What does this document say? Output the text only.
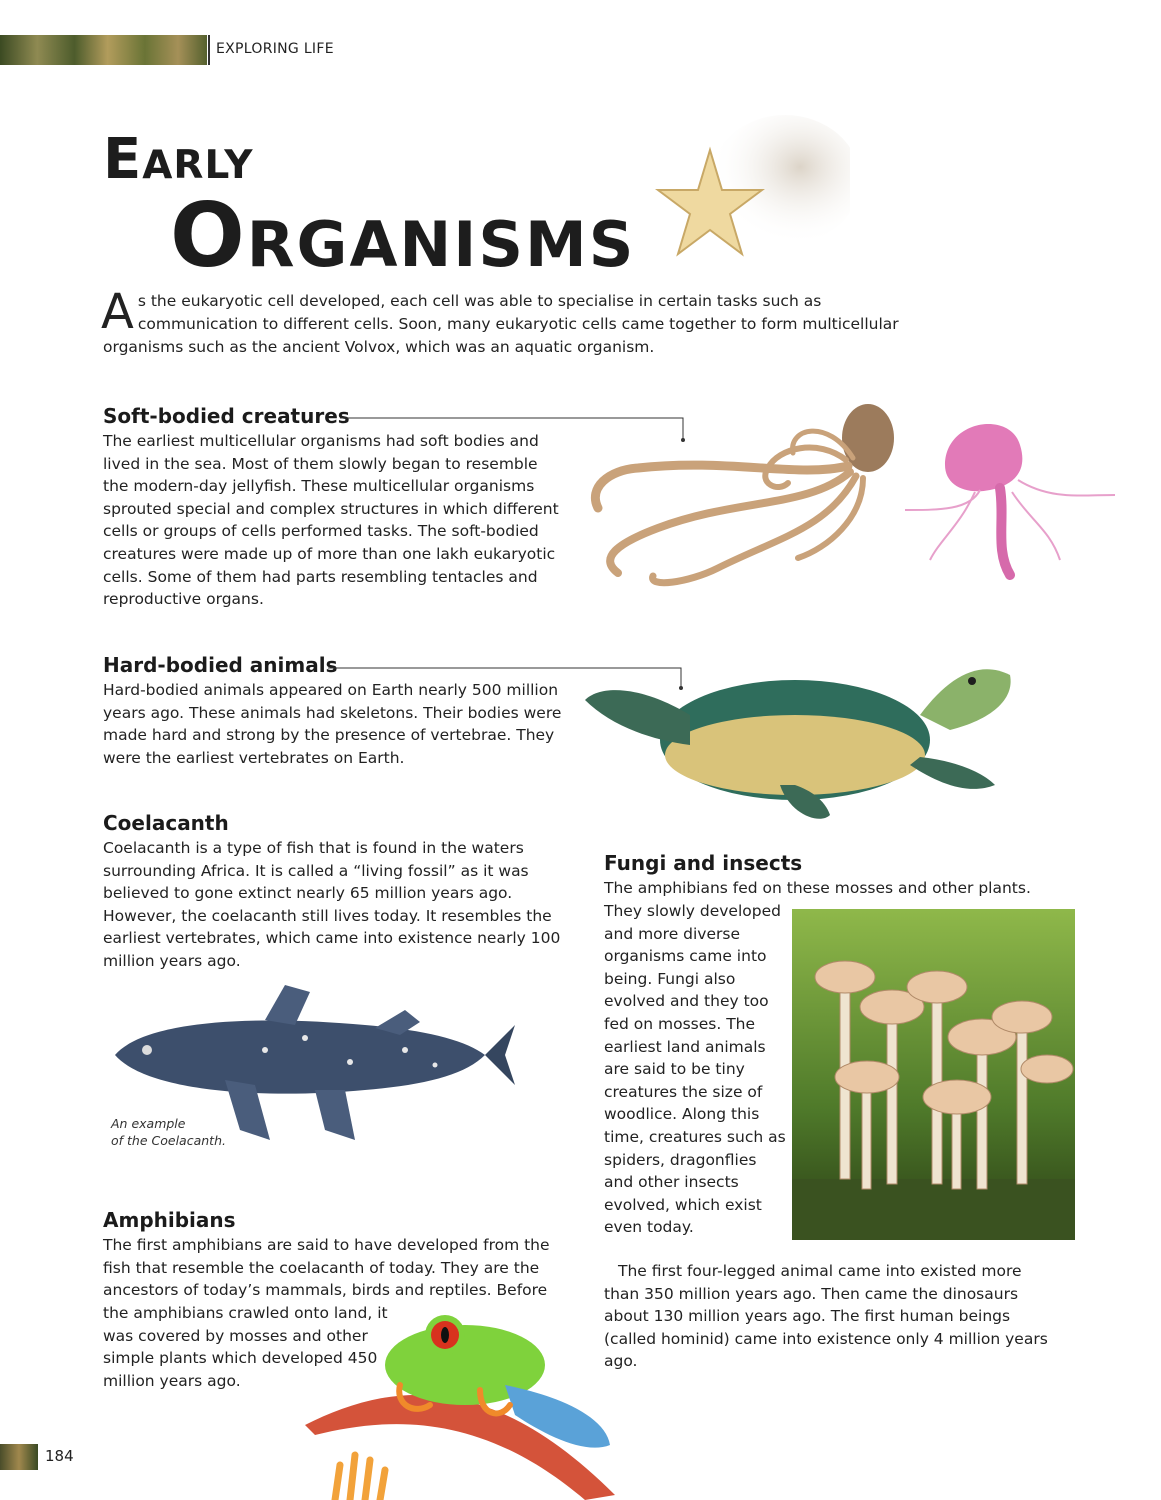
EXPLORING LIFE
Early
Organisms
As the eukaryotic cell developed, each cell was able to specialise in certain tasks such as communication to different cells. Soon, many eukaryotic cells came together to form multicellular organisms such as the ancient Volvox, which was an aquatic organism.
Soft-bodied creatures
The earliest multicellular organisms had soft bodies and lived in the sea. Most of them slowly began to resemble the modern-day jellyfish. These multicellular organisms sprouted special and complex structures in which different cells or groups of cells performed tasks. The soft-bodied creatures were made up of more than one lakh eukaryotic cells. Some of them had parts resembling tentacles and reproductive organs.
Hard-bodied animals
Hard-bodied animals appeared on Earth nearly 500 million years ago. These animals had skeletons. Their bodies were made hard and strong by the presence of vertebrae. They were the earliest vertebrates on Earth.
Coelacanth
Coelacanth is a type of fish that is found in the waters surrounding Africa. It is called a “living fossil” as it was believed to gone extinct nearly 65 million years ago. However, the coelacanth still lives today. It resembles the earliest vertebrates, which came into existence nearly 100 million years ago.
An example
of the Coelacanth.
Amphibians
The first amphibians are said to have developed from the fish that resemble the coelacanth of today. They are the ancestors of today’s mammals, birds and reptiles. Before
the amphibians crawled onto land, it was covered by mosses and other simple plants which developed 450 million years ago.
Fungi and insects
The amphibians fed on these mosses and other plants.
They slowly developed and more diverse organisms came into being. Fungi also evolved and they too fed on mosses. The earliest land animals are said to be tiny creatures the size of woodlice. Along this time, creatures such as spiders, dragonflies and other insects evolved, which exist even today.
The first four-legged animal came into existed more than 350 million years ago. Then came the dinosaurs about 130 million years ago. The first human beings (called hominid) came into existence only 4 million years ago.
184
